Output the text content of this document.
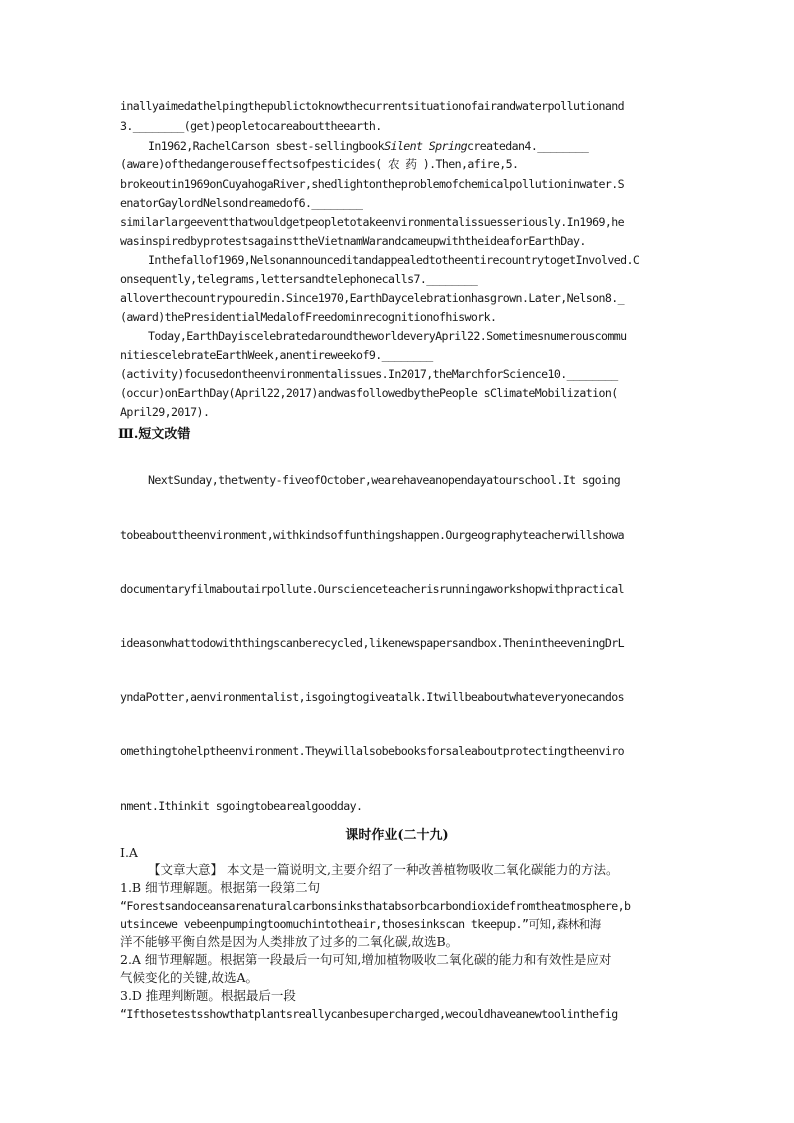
inallyaimedathelpingthepublictoknowthecurrentsituationofairandwaterpollutionand

3.________(get)peopletocareabouttheearth.

In1962,RachelCarson sbest-sellingbookSilent Springcreatedan4.________

(aware)ofthedangerouseffectsofpesticides( 农 药 ).Then,afire,5.

brokeoutin1969onCuyahogaRiver,shedlightontheproblemofchemicalpollutioninwater.S

enatorGaylordNelsondreamedof6.________

similarlargeeventthatwouldgetpeopletotakeenvironmentalissuesseriously.In1969,he

wasinspiredbyprotestsagainsttheVietnamWarandcameupwiththeideaforEarthDay.

Inthefallof1969,NelsonannounceditandappealedtotheentirecountrytogetInvolved.C

onsequently,telegrams,lettersandtelephonecalls7.________

alloverthecountrypouredin.Since1970,EarthDaycelebrationhasgrown.Later,Nelson8._

(award)thePresidentialMedalofFreedominrecognitionofhiswork.

Today,EarthDayiscelebratedaroundtheworldeveryApril22.Sometimesnumerouscommu

nitiescelebrateEarthWeek,anentireweekof9.________

(activity)focusedontheenvironmentalissues.In2017,theMarchforScience10.________

(occur)onEarthDay(April22,2017)andwasfollowedbythePeople sClimateMobilization(

April29,2017).

Ⅲ.短文改错

NextSunday,thetwenty-fiveofOctober,wearehaveanopendayatourschool.It sgoing

tobeabouttheenvironment,withkindsoffunthingshappen.Ourgeographyteacherwillshowa

documentaryfilmaboutairpollute.Ourscienceteacherisrunningaworkshopwithpractical

ideasonwhattodowiththingscanberecycled,likenewspapersandbox.ThenintheeveningDrL

yndaPotter,aenvironmentalist,isgoingtogiveatalk.Itwillbeaboutwhateveryonecandos

omethingtohelptheenvironment.Theywillalsobebooksforsaleaboutprotectingtheenviro

nment.Ithinkit sgoingtobearealgoodday.

课时作业(二十九)

Ⅰ.A

【文章大意】 本文是一篇说明文,主要介绍了一种改善植物吸收二氧化碳能力的方法。

1.B 细节理解题。根据第一段第二句

“Forestsandoceansarenaturalcarbonsinksthatabsorbcarbondioxidefromtheatmosphere,b

utsincewe vebeenpumpingtoomuchintotheair,thosesinkscan tkeepup.”可知,森林和海

洋不能够平衡自然是因为人类排放了过多的二氧化碳,故选B。

2.A 细节理解题。根据第一段最后一句可知,增加植物吸收二氧化碳的能力和有效性是应对

气候变化的关键,故选A。

3.D 推理判断题。根据最后一段

“Ifthosetestsshowthatplantsreallycanbesupercharged,wecouldhaveanewtoolinthefig
